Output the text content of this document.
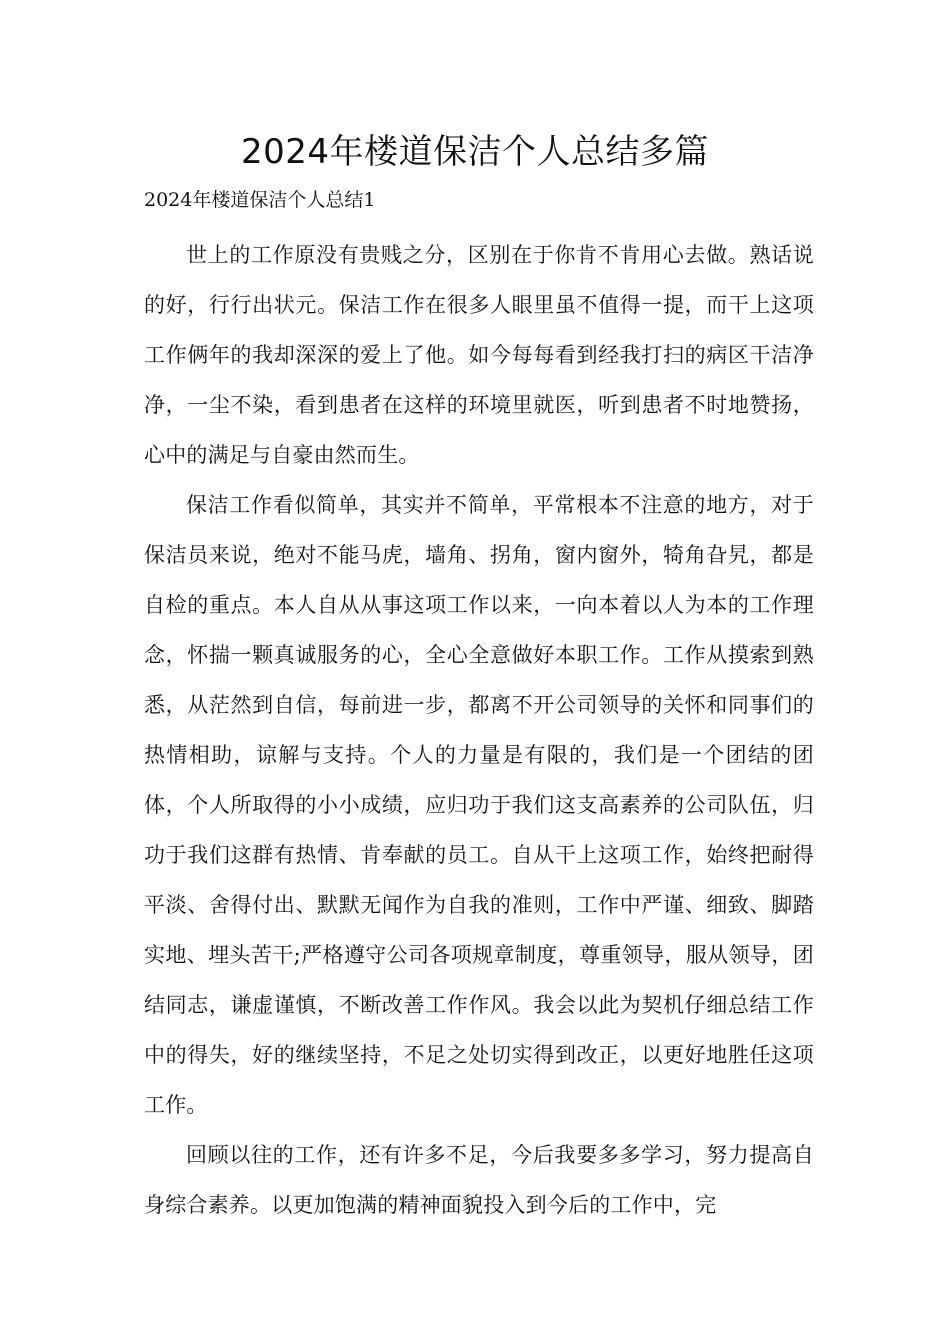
2024年楼道保洁个人总结多篇

2024年楼道保洁个人总结1

世上的工作原没有贵贱之分，区别在于你肯不肯用心去做。熟话说的好，行行出状元。保洁工作在很多人眼里虽不值得一提，而干上这项工作俩年的我却深深的爱上了他。如今每每看到经我打扫的病区干洁净净，一尘不染，看到患者在这样的环境里就医，听到患者不时地赞扬，心中的满足与自豪由然而生。

保洁工作看似简单，其实并不简单，平常根本不注意的地方，对于保洁员来说，绝对不能马虎，墙角、拐角，窗内窗外，犄角旮旯，都是自检的重点。本人自从从事这项工作以来，一向本着以人为本的工作理念，怀揣一颗真诚服务的心，全心全意做好本职工作。工作从摸索到熟悉，从茫然到自信，每前进一步，都离不开公司领导的关怀和同事们的热情相助，谅解与支持。个人的力量是有限的，我们是一个团结的团体，个人所取得的小小成绩，应归功于我们这支高素养的公司队伍，归功于我们这群有热情、肯奉献的员工。自从干上这项工作，始终把耐得平淡、舍得付出、默默无闻作为自我的准则，工作中严谨、细致、脚踏实地、埋头苦干;严格遵守公司各项规章制度，尊重领导，服从领导，团结同志，谦虚谨慎，不断改善工作作风。我会以此为契机仔细总结工作中的得失，好的继续坚持，不足之处切实得到改正，以更好地胜任这项工作。

回顾以往的工作，还有许多不足，今后我要多多学习，努力提高自身综合素养。以更加饱满的精神面貌投入到今后的工作中，完
